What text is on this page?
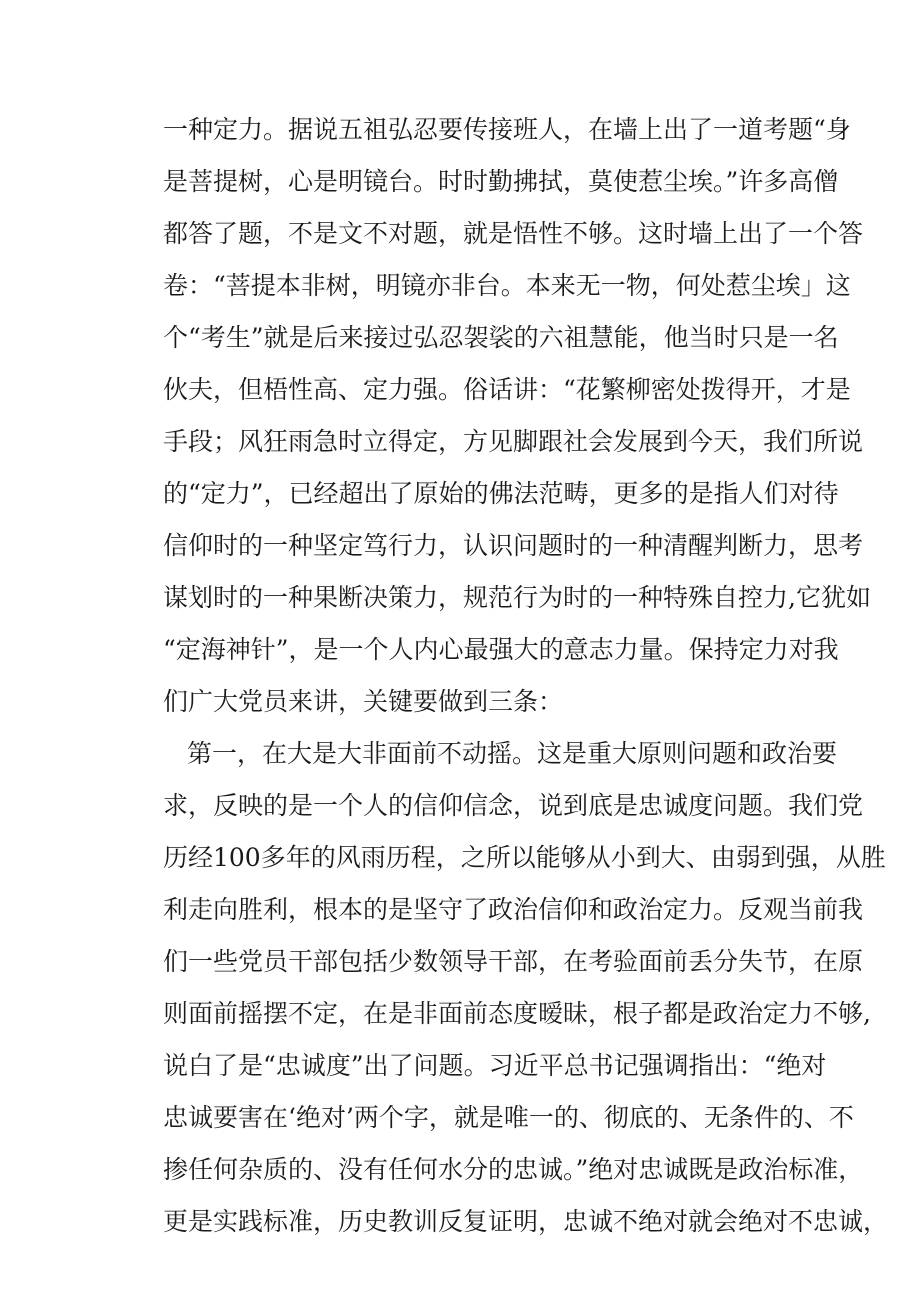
一种定力。据说五祖弘忍要传接班人，在墙上出了一道考题“身
是菩提树，心是明镜台。时时勤拂拭，莫使惹尘埃。”许多高僧
都答了题，不是文不对题，就是悟性不够。这时墙上出了一个答
卷：“菩提本非树，明镜亦非台。本来无一物，何处惹尘埃」这
个“考生”就是后来接过弘忍袈裟的六祖慧能，他当时只是一名
伙夫，但梧性高、定力强。俗话讲：“花繁柳密处拨得开，才是
手段；风狂雨急时立得定，方见脚跟社会发展到今天，我们所说
的“定力”，已经超出了原始的佛法范畴，更多的是指人们对待
信仰时的一种坚定笃行力，认识问题时的一种清醒判断力，思考
谋划时的一种果断决策力，规范行为时的一种特殊自控力,它犹如
“定海神针”，是一个人内心最强大的意志力量。保持定力对我
们广大党员来讲，关键要做到三条：
第一，在大是大非面前不动摇。这是重大原则问题和政治要
求，反映的是一个人的信仰信念，说到底是忠诚度问题。我们党
历经100多年的风雨历程，之所以能够从小到大、由弱到强，从胜
利走向胜利，根本的是坚守了政治信仰和政治定力。反观当前我
们一些党员干部包括少数领导干部，在考验面前丢分失节，在原
则面前摇摆不定，在是非面前态度暧昧，根子都是政治定力不够,
说白了是“忠诚度”出了问题。习近平总书记强调指出：“绝对
忠诚要害在‘绝对’两个字，就是唯一的、彻底的、无条件的、不
掺任何杂质的、没有任何水分的忠诚。”绝对忠诚既是政治标准，
更是实践标准，历史教训反复证明，忠诚不绝对就会绝对不忠诚，
